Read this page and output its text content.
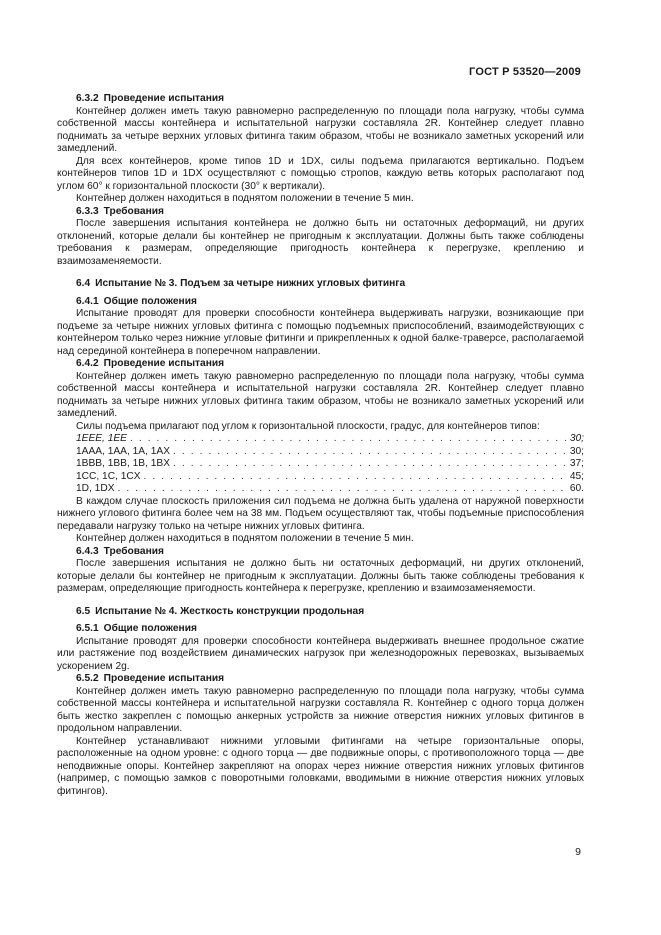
ГОСТ Р 53520—2009
6.3.2 Проведение испытания

Контейнер должен иметь такую равномерно распределенную по площади пола нагрузку, чтобы сумма собственной массы контейнера и испытательной нагрузки составляла 2R. Контейнер следует плавно поднимать за четыре верхних угловых фитинга таким образом, чтобы не возникало заметных ускорений или замедлений.

Для всех контейнеров, кроме типов 1D и 1DX, силы подъема прилагаются вертикально. Подъем контейнеров типов 1D и 1DX осуществляют с помощью стропов, каждую ветвь которых располагают под углом 60° к горизонтальной плоскости (30° к вертикали).

Контейнер должен находиться в поднятом положении в течение 5 мин.

6.3.3 Требования

После завершения испытания контейнера не должно быть ни остаточных деформаций, ни других отклонений, которые делали бы контейнер не пригодным к эксплуатации. Должны быть также соблюдены требования к размерам, определяющие пригодность контейнера к перегрузке, креплению и взаимозаменяемости.

6.4 Испытание № 3. Подъем за четыре нижних угловых фитинга
6.4.1 Общие положения

Испытание проводят для проверки способности контейнера выдерживать нагрузки, возникающие при подъеме за четыре нижних угловых фитинга с помощью подъемных приспособлений, взаимодействующих с контейнером только через нижние угловые фитинги и прикрепленных к одной балке-траверсе, располагаемой над серединой контейнера в поперечном направлении.

6.4.2 Проведение испытания

Контейнер должен иметь такую равномерно распределенную по площади пола нагрузку, чтобы сумма собственной массы контейнера и испытательной нагрузки составляла 2R. Контейнер следует плавно поднимать за четыре нижних угловых фитинга таким образом, чтобы не возникало заметных ускорений или замедлений.

Силы подъема прилагают под углом к горизонтальной плоскости, градус, для контейнеров типов:

1EEE, 1EE . . .	30;
1AAA, 1AA, 1A, 1AX . . .	30;
1BBB, 1BB, 1B, 1BX . . .	37;
1CC, 1C, 1CX . . .	45;
1D, 1DX . . .	60.

В каждом случае плоскость приложения сил подъема не должна быть удалена от наружной поверхности нижнего углового фитинга более чем на 38 мм. Подъем осуществляют так, чтобы подъемные приспособления передавали нагрузку только на четыре нижних угловых фитинга.

Контейнер должен находиться в поднятом положении в течение 5 мин.

6.4.3 Требования

После завершения испытания не должно быть ни остаточных деформаций, ни других отклонений, которые делали бы контейнер не пригодным к эксплуатации. Должны быть также соблюдены требования к размерам, определяющие пригодность контейнера к перегрузке, креплению и взаимозаменяемости.

6.5 Испытание № 4. Жесткость конструкции продольная
6.5.1 Общие положения

Испытание проводят для проверки способности контейнера выдерживать внешнее продольное сжатие или растяжение под воздействием динамических нагрузок при железнодорожных перевозках, вызываемых ускорением 2g.

6.5.2 Проведение испытания

Контейнер должен иметь такую равномерно распределенную по площади пола нагрузку, чтобы сумма собственной массы контейнера и испытательной нагрузки составляла R. Контейнер с одного торца должен быть жестко закреплен с помощью анкерных устройств за нижние отверстия нижних угловых фитингов в продольном направлении.

Контейнер устанавливают нижними угловыми фитингами на четыре горизонтальные опоры, расположенные на одном уровне: с одного торца — две подвижные опоры, с противоположного торца — две неподвижные опоры. Контейнер закрепляют на опорах через нижние отверстия нижних угловых фитингов (например, с помощью замков с поворотными головками, вводимыми в нижние отверстия нижних угловых фитингов).

9
